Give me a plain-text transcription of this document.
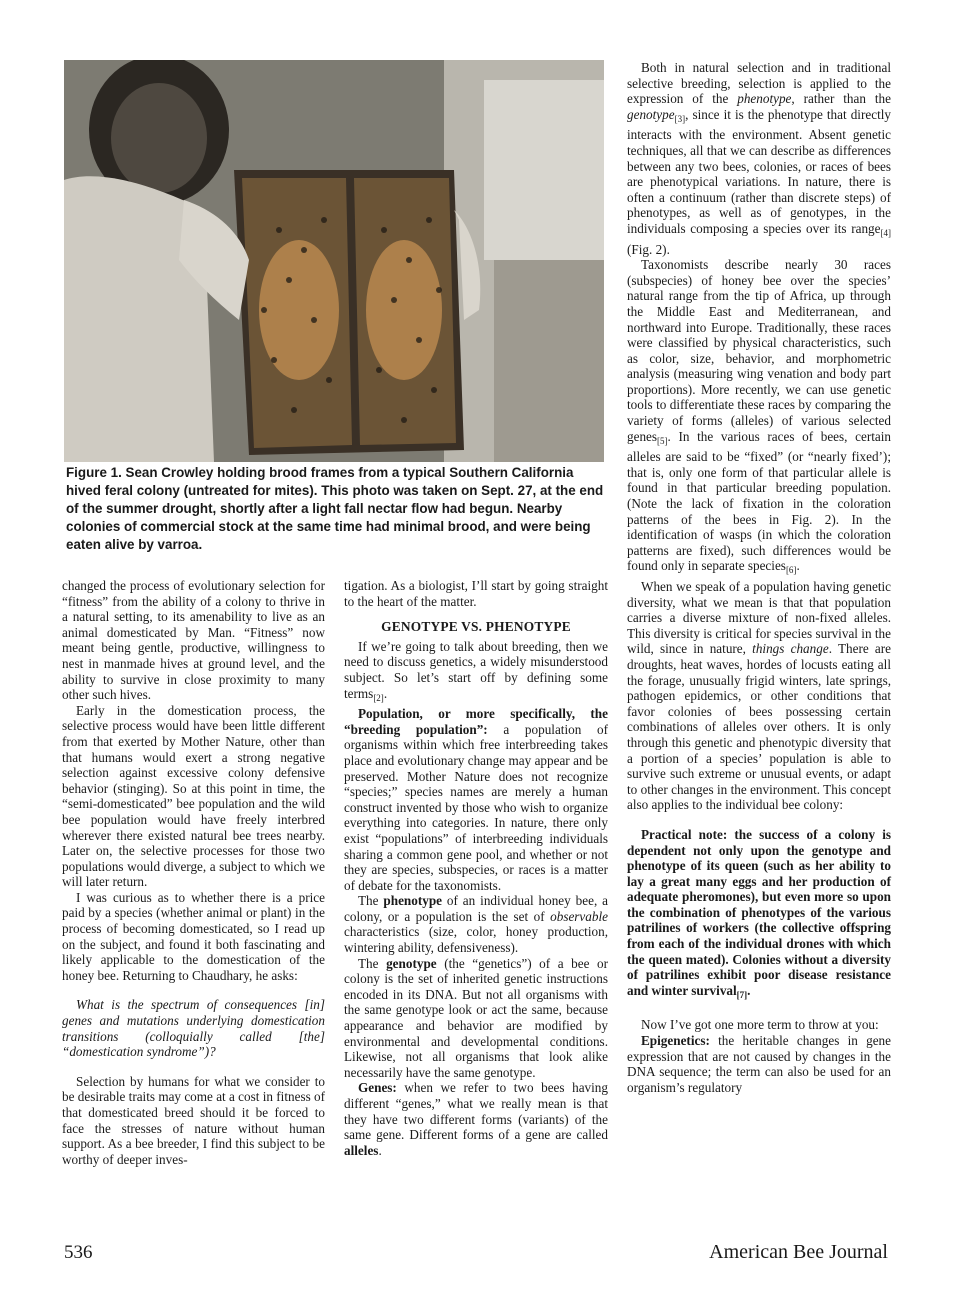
Figure 1. Sean Crowley holding brood frames from a typical Southern California hived feral colony (untreated for mites). This photo was taken on Sept. 27, at the end of the summer drought, shortly after a light fall nectar flow had begun. Nearby colonies of commercial stock at the same time had minimal brood, and were being eaten alive by varroa.

changed the process of evolutionary selection for “fitness” from the ability of a colony to thrive in a natural setting, to its amenability to live as an animal domesticated by Man. “Fitness” now meant being gentle, productive, willingness to nest in manmade hives at ground level, and the ability to survive in close proximity to many other such hives.

Early in the domestication process, the selective process would have been little different from that exerted by Mother Nature, other than that humans would exert a strong negative selection against excessive colony defensive behavior (stinging). So at this point in time, the “semi-domesticated” bee population and the wild bee population would have freely interbred wherever there existed natural bee trees nearby. Later on, the selective processes for those two populations would diverge, a subject to which we will later return.

I was curious as to whether there is a price paid by a species (whether animal or plant) in the process of becoming domesticated, so I read up on the subject, and found it both fascinating and likely applicable to the domestication of the honey bee. Returning to Chaudhary, he asks:

What is the spectrum of consequences [in] genes and mutations underlying domestication transitions (colloquially called [the] “domestication syndrome”)?

Selection by humans for what we consider to be desirable traits may come at a cost in fitness of that domesticated breed should it be forced to face the stresses of nature without human support. As a bee breeder, I find this subject to be worthy of deeper inves-

tigation. As a biologist, I’ll start by going straight to the heart of the matter.

GENOTYPE VS. PHENOTYPE

If we’re going to talk about breeding, then we need to discuss genetics, a widely misunderstood subject. So let’s start off by defining some terms$_{[2]}$.

Population, or more specifically, the “breeding population”: a population of organisms within which free interbreeding takes place and evolutionary change may appear and be preserved. Mother Nature does not recognize “species;” species names are merely a human construct invented by those who wish to organize everything into categories. In nature, there only exist “populations” of interbreeding individuals sharing a common gene pool, and whether or not they are species, subspecies, or races is a matter of debate for the taxonomists.

The phenotype of an individual honey bee, a colony, or a population is the set of observable characteristics (size, color, honey production, wintering ability, defensiveness).

The genotype (the “genetics”) of a bee or colony is the set of inherited genetic instructions encoded in its DNA. But not all organisms with the same genotype look or act the same, because appearance and behavior are modified by environmental and developmental conditions. Likewise, not all organisms that look alike necessarily have the same genotype.

Genes: when we refer to two bees having different “genes,” what we really mean is that they have two different forms (variants) of the same gene. Different forms of a gene are called alleles.

Both in natural selection and in traditional selective breeding, selection is applied to the expression of the phenotype, rather than the genotype$_{[3]}$, since it is the phenotype that directly interacts with the environment. Absent genetic techniques, all that we can describe as differences between any two bees, colonies, or races of bees are phenotypical variations. In nature, there is often a continuum (rather than discrete steps) of phenotypes, as well as of genotypes, in the individuals composing a species over its range$_{[4]}$(Fig. 2).

Taxonomists describe nearly 30 races (subspecies) of honey bee over the species’ natural range from the tip of Africa, up through the Middle East and Mediterranean, and northward into Europe. Traditionally, these races were classified by physical characteristics, such as color, size, behavior, and morphometric analysis (measuring wing venation and body part proportions). More recently, we can use genetic tools to differentiate these races by comparing the variety of forms (alleles) of various selected genes$_{[5]}$. In the various races of bees, certain alleles are said to be “fixed” (or “nearly fixed’); that is, only one form of that particular allele is found in that particular breeding population. (Note the lack of fixation in the coloration patterns of the bees in Fig. 2). In the identification of wasps (in which the coloration patterns are fixed), such differences would be found only in separate species$_{[6]}$.

When we speak of a population having genetic diversity, what we mean is that that population carries a diverse mixture of non-fixed alleles. This diversity is critical for species survival in the wild, since in nature, things change. There are droughts, heat waves, hordes of locusts eating all the forage, unusually frigid winters, late springs, pathogen epidemics, or other conditions that favor colonies of bees possessing certain combinations of alleles over others. It is only through this genetic and phenotypic diversity that a portion of a species’ population is able to survive such extreme or unusual events, or adapt to other changes in the environment. This concept also applies to the individual bee colony:

Practical note: the success of a colony is dependent not only upon the genotype and phenotype of its queen (such as her ability to lay a great many eggs and her production of adequate pheromones), but even more so upon the combination of phenotypes of the various patrilines of workers (the collective offspring from each of the individual drones with which the queen mated). Colonies without a diversity of patrilines exhibit poor disease resistance and winter survival$_{[7]}$.

Now I’ve got one more term to throw at you:

Epigenetics: the heritable changes in gene expression that are not caused by changes in the DNA sequence; the term can also be used for an organism’s regulatory

536	American Bee Journal
